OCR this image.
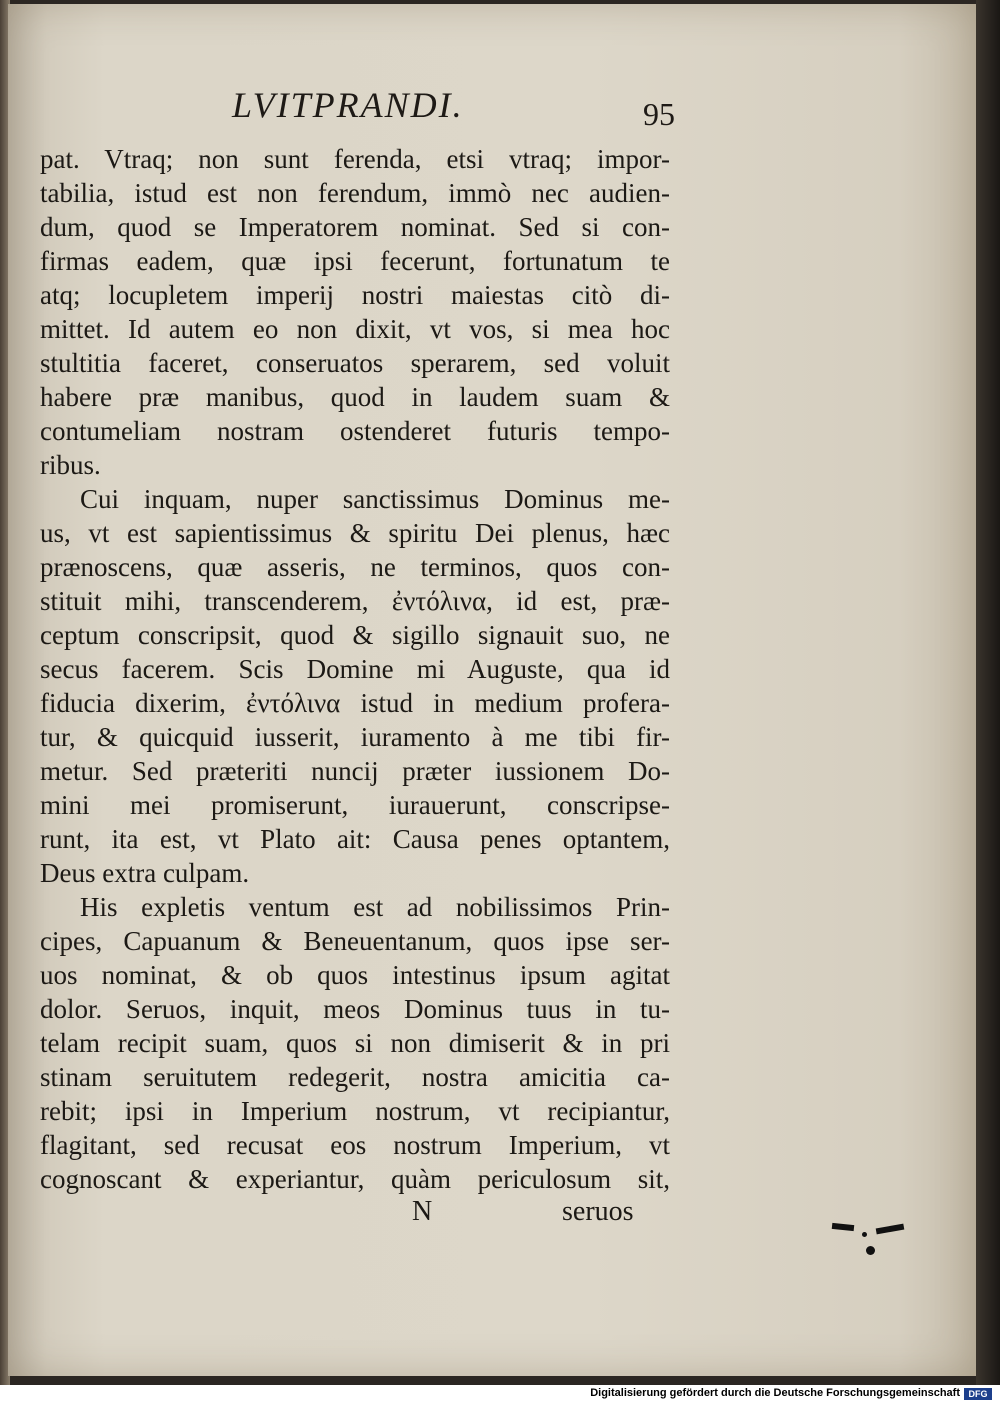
LVITPRANDI.	95
pat. Vtraq; non sunt ferenda, etsi vtraq; impor-
tabilia, istud est non ferendum, immò nec audien-
dum, quod se Imperatorem nominat. Sed si con-
firmas eadem, quæ ipsi fecerunt, fortunatum te
atq; locupletem imperij nostri maiestas citò di-
mittet. Id autem eo non dixit, vt vos, si mea hoc
stultitia faceret, conseruatos sperarem, sed voluit
habere præ manibus, quod in laudem suam &
contumeliam nostram ostenderet futuris tempo-
ribus.
Cui inquam, nuper sanctissimus Dominus me-
us, vt est sapientissimus & spiritu Dei plenus, hæc
prænoscens, quæ asseris, ne terminos, quos con-
stituit mihi, transcenderem, ἐντόλινα, id est, præ-
ceptum conscripsit, quod & sigillo signauit suo, ne
secus facerem. Scis Domine mi Auguste, qua id
fiducia dixerim, ἐντόλινα istud in medium profera-
tur, & quicquid iusserit, iuramento à me tibi fir-
metur. Sed præteriti nuncij præter iussionem Do-
mini mei promiserunt, iurauerunt, conscripse-
runt, ita est, vt Plato ait: Causa penes optantem,
Deus extra culpam.
His expletis ventum est ad nobilissimos Prin-
cipes, Capuanum & Beneuentanum, quos ipse ser-
uos nominat, & ob quos intestinus ipsum agitat
dolor. Seruos, inquit, meos Dominus tuus in tu-
telam recipit suam, quos si non dimiserit & in pri
stinam seruitutem redegerit, nostra amicitia ca-
rebit; ipsi in Imperium nostrum, vt recipiantur,
flagitant, sed recusat eos nostrum Imperium, vt
cognoscant & experiantur, quàm periculosum sit,
N	seruos
Digitalisierung gefördert durch die Deutsche Forschungsgemeinschaft DFG
